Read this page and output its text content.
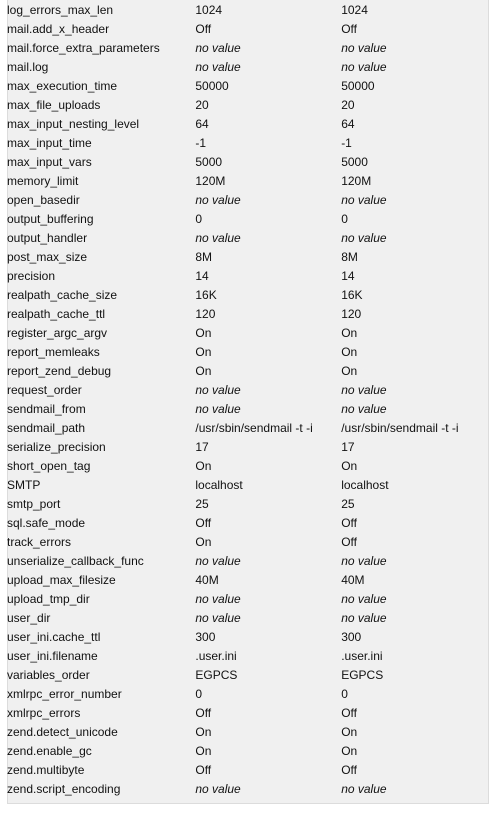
log_errors_max_len	1024	1024
mail.add_x_header	Off	Off
mail.force_extra_parameters	no value	no value
mail.log	no value	no value
max_execution_time	50000	50000
max_file_uploads	20	20
max_input_nesting_level	64	64
max_input_time	-1	-1
max_input_vars	5000	5000
memory_limit	120M	120M
open_basedir	no value	no value
output_buffering	0	0
output_handler	no value	no value
post_max_size	8M	8M
precision	14	14
realpath_cache_size	16K	16K
realpath_cache_ttl	120	120
register_argc_argv	On	On
report_memleaks	On	On
report_zend_debug	On	On
request_order	no value	no value
sendmail_from	no value	no value
sendmail_path	/usr/sbin/sendmail -t -i	/usr/sbin/sendmail -t -i
serialize_precision	17	17
short_open_tag	On	On
SMTP	localhost	localhost
smtp_port	25	25
sql.safe_mode	Off	Off
track_errors	On	Off
unserialize_callback_func	no value	no value
upload_max_filesize	40M	40M
upload_tmp_dir	no value	no value
user_dir	no value	no value
user_ini.cache_ttl	300	300
user_ini.filename	.user.ini	.user.ini
variables_order	EGPCS	EGPCS
xmlrpc_error_number	0	0
xmlrpc_errors	Off	Off
zend.detect_unicode	On	On
zend.enable_gc	On	On
zend.multibyte	Off	Off
zend.script_encoding	no value	no value
